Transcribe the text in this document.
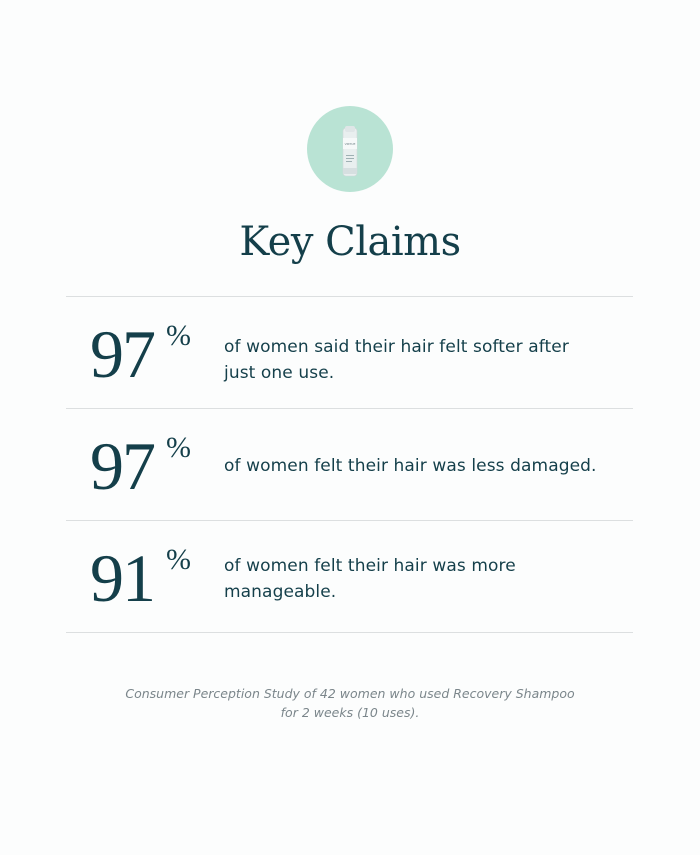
VIRTUE
Key Claims
97 % of women said their hair felt softer after
just one use.
97 %
of women felt their hair was less damaged.
91 % of women felt their hair was more
manageable.
Consumer Perception Study of 42 women who used Recovery Shampoo
for 2 weeks (10 uses).
